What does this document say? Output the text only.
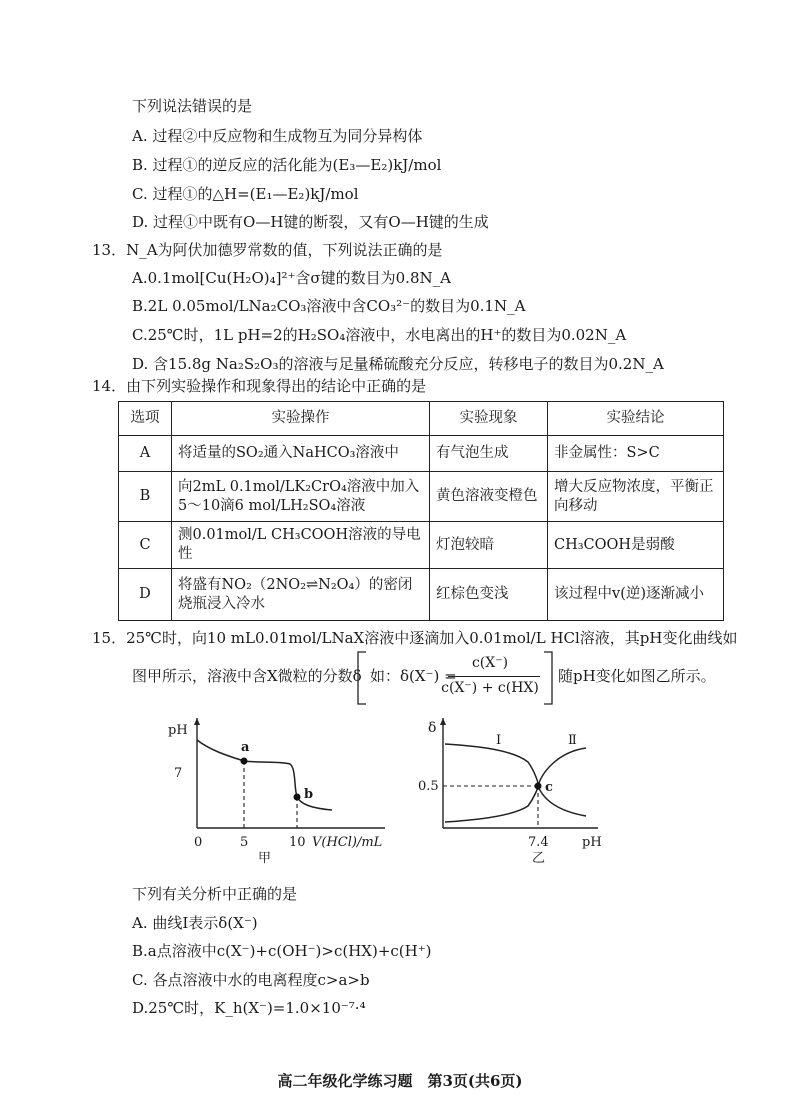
下列说法错误的是
A. 过程②中反应物和生成物互为同分异构体
B. 过程①的逆反应的活化能为(E₃—E₂)kJ/mol
C. 过程①的△H=(E₁—E₂)kJ/mol
D. 过程①中既有O—H键的断裂，又有O—H键的生成
13．N_A为阿伏加德罗常数的值，下列说法正确的是
A.0.1mol[Cu(H₂O)₄]²⁺含σ键的数目为0.8N_A
B.2L 0.05mol/LNa₂CO₃溶液中含CO₃²⁻的数目为0.1N_A
C.25℃时，1L pH=2的H₂SO₄溶液中，水电离出的H⁺的数目为0.02N_A
D. 含15.8g Na₂S₂O₃的溶液与足量稀硫酸充分反应，转移电子的数目为0.2N_A
14．由下列实验操作和现象得出的结论中正确的是
选项	实验操作	实验现象	实验结论
A	将适量的SO₂通入NaHCO₃溶液中	有气泡生成	非金属性：S>C
B	向2mL 0.1mol/LK₂CrO₄溶液中加入5～10滴6 mol/LH₂SO₄溶液	黄色溶液变橙色	增大反应物浓度，平衡正向移动
C	测0.01mol/L CH₃COOH溶液的导电性	灯泡较暗	CH₃COOH是弱酸
D	将盛有NO₂（2NO₂⇌N₂O₄）的密闭烧瓶浸入冷水	红棕色变浅	该过程中v(逆)逐渐减小
15．25℃时，向10 mL0.01mol/LNaX溶液中逐滴加入0.01mol/L HCl溶液，其pH变化曲线如
图甲所示，溶液中含X微粒的分数δ 如：δ(X⁻) =
c(X⁻)
c(X⁻) + c(HX)
随pH变化如图乙所示。
pH
7
a
b
0	5	10 V(HCl)/mL
甲
δ
0.5
Ⅰ	Ⅱ
c
7.4	pH
乙
下列有关分析中正确的是
A. 曲线Ⅰ表示δ(X⁻)
B.a点溶液中c(X⁻)+c(OH⁻)>c(HX)+c(H⁺)
C. 各点溶液中水的电离程度c>a>b
D.25℃时，K_h(X⁻)=1.0×10⁻⁷·⁴
高二年级化学练习题　第3页(共6页)
